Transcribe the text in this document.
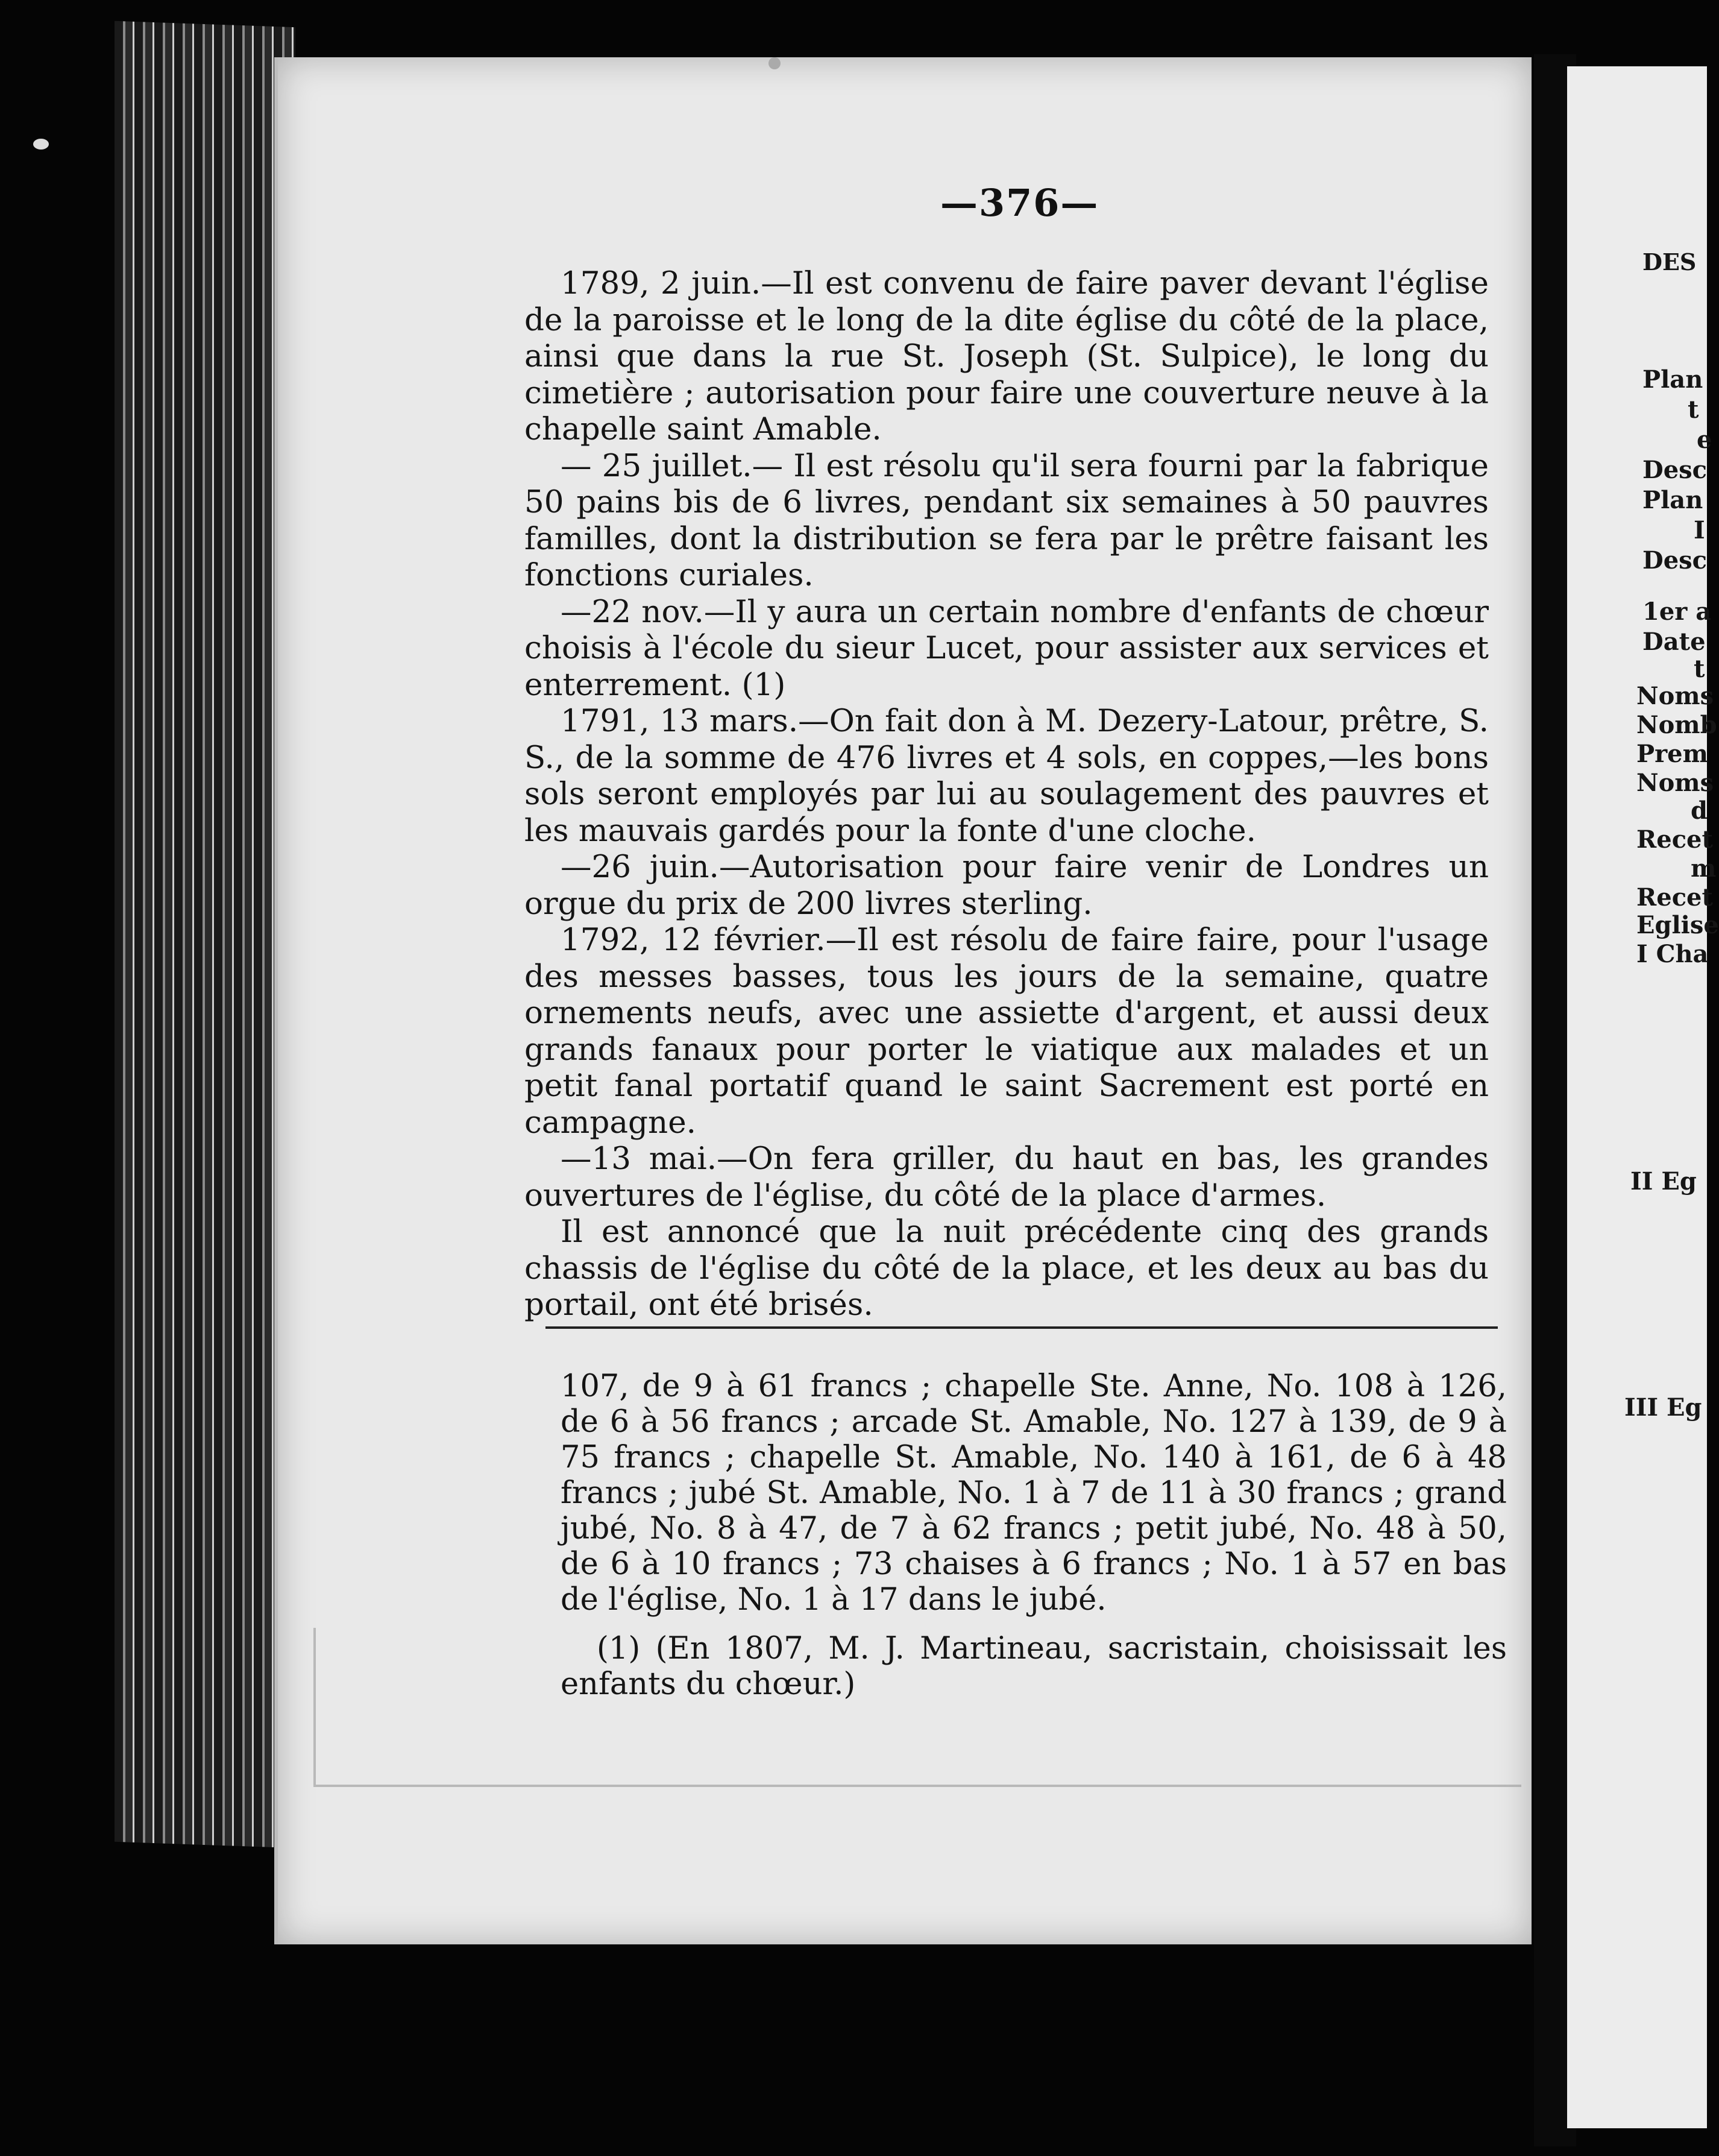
—376—

1789, 2 juin.—Il est convenu de faire paver devant l'église de la paroisse et le long de la dite église du côté de la place, ainsi que dans la rue St. Joseph (St. Sulpice), le long du cimetière ; autorisation pour faire une couverture neuve à la chapelle saint Amable.

— 25 juillet.— Il est résolu qu'il sera fourni par la fabrique 50 pains bis de 6 livres, pendant six semaines à 50 pauvres familles, dont la distribution se fera par le prêtre faisant les fonctions curiales.

—22 nov.—Il y aura un certain nombre d'enfants de chœur choisis à l'école du sieur Lucet, pour assister aux services et enterrement. (1)

1791, 13 mars.—On fait don à M. Dezery-Latour, prêtre, S. S., de la somme de 476 livres et 4 sols, en coppes,—les bons sols seront employés par lui au soulagement des pauvres et les mauvais gardés pour la fonte d'une cloche.

—26 juin.—Autorisation pour faire venir de Londres un orgue du prix de 200 livres sterling.

1792, 12 février.—Il est résolu de faire faire, pour l'usage des messes basses, tous les jours de la semaine, quatre ornements neufs, avec une assiette d'argent, et aussi deux grands fanaux pour porter le viatique aux malades et un petit fanal portatif quand le saint Sacrement est porté en campagne.

—13 mai.—On fera griller, du haut en bas, les grandes ouvertures de l'église, du côté de la place d'armes.

Il est annoncé que la nuit précédente cinq des grands chassis de l'église du côté de la place, et les deux au bas du portail, ont été brisés.

107, de 9 à 61 francs ; chapelle Ste. Anne, No. 108 à 126, de 6 à 56 francs ; arcade St. Amable, No. 127 à 139, de 9 à 75 francs ; chapelle St. Amable, No. 140 à 161, de 6 à 48 francs ; jubé St. Amable, No. 1 à 7 de 11 à 30 francs ; grand jubé, No. 8 à 47, de 7 à 62 francs ; petit jubé, No. 48 à 50, de 6 à 10 francs ; 73 chaises à 6 francs ; No. 1 à 57 en bas de l'église, No. 1 à 17 dans le jubé.

(1) (En 1807, M. J. Martineau, sacristain, choisissait les enfants du chœur.)

DES
Plan
t
e
Desc
Plan
I
Desc
1er a
Date
t
Noms
Nomb
Prem
Noms
d
Recet
m
Recet
Eglise
I Cha
II Eg
III Eg
